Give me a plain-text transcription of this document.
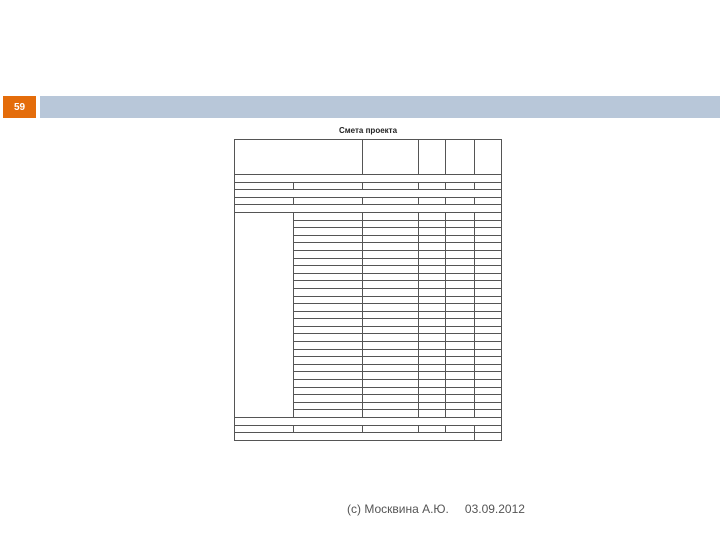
59
Смета проекта

(с) Москвина А.Ю. 03.09.2012
